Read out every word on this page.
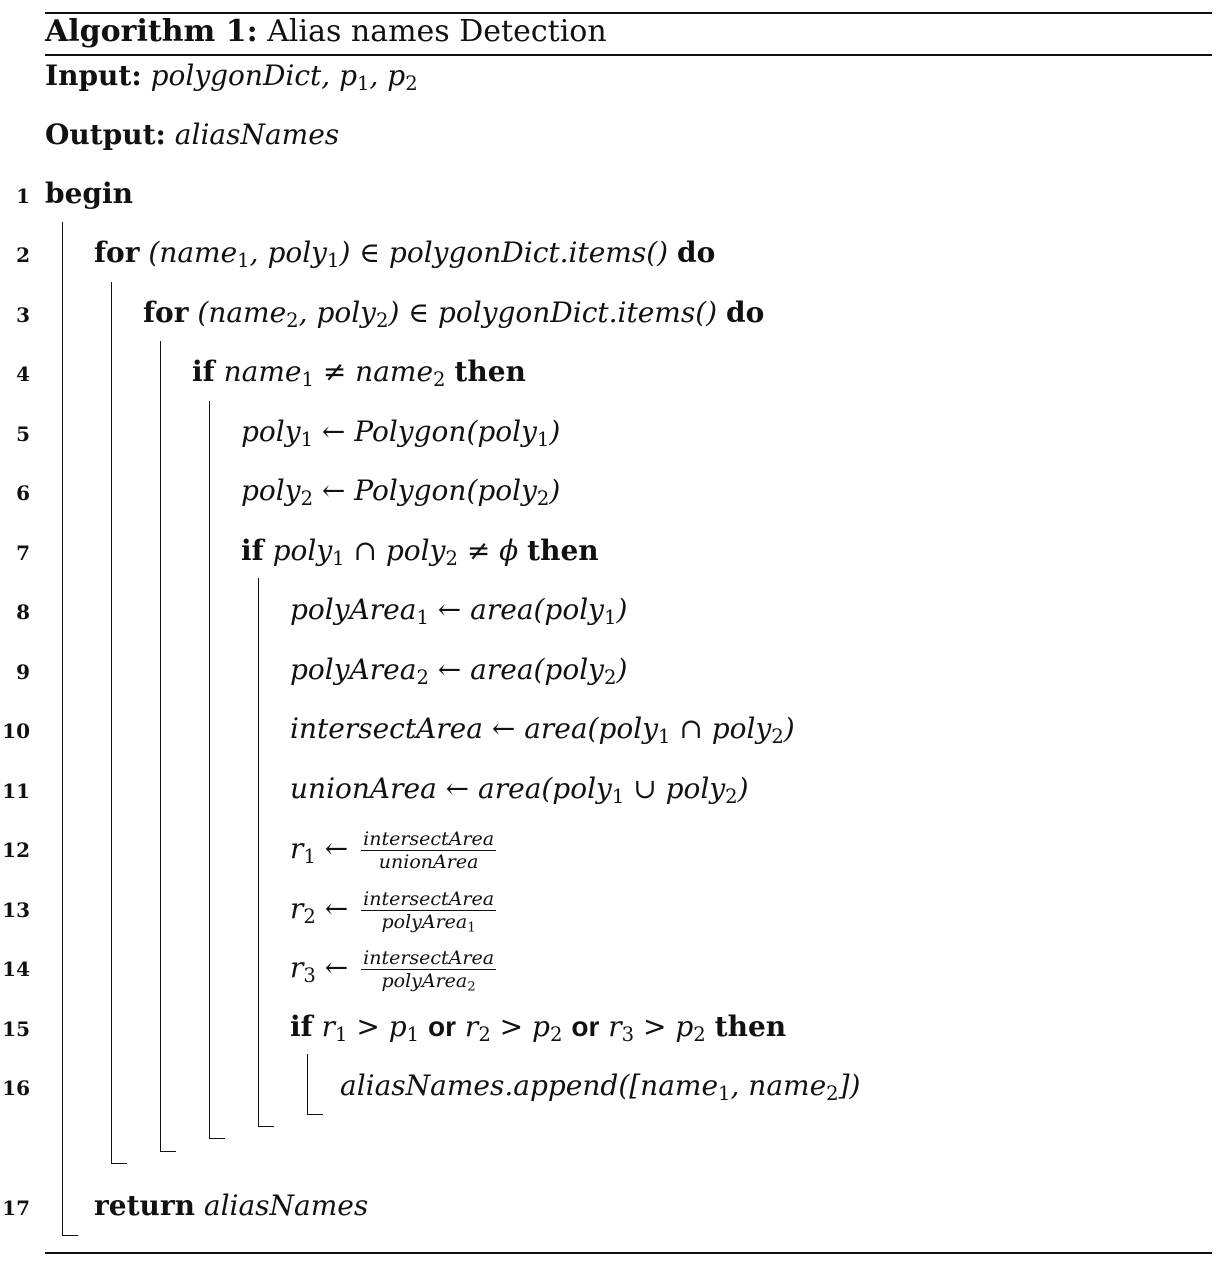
Algorithm 1: Alias names Detection
Input: polygonDict, $p_1$, $p_2$
Output: aliasNames
1
2
3
4
5
6
7
8
9
10
11
12
13
14
15
16
17
begin
for (name$_1$, poly$_1$) ∈ polygonDict.items() do
for (name$_2$, poly$_2$) ∈ polygonDict.items() do
if name$_1$ ≠ name$_2$ then
poly$_1$ ← Polygon(poly$_1$)
poly$_2$ ← Polygon(poly$_2$)
if poly$_1$ ∩ poly$_2$ ≠ ϕ then
polyArea$_1$ ← area(poly$_1$)
polyArea$_2$ ← area(poly$_2$)
intersectArea ← area(poly$_1$ ∩ poly$_2$)
unionArea ← area(poly$_1$ ∪ poly$_2$)
$r_1$ ← $\frac{\text{intersectArea}}{\text{unionArea}}$
$r_2$ ← $\frac{\text{intersectArea}}{polyArea_1}$
$r_3$ ← $\frac{\text{intersectArea}}{polyArea_2}$
if $r_1 > p_1$ or $r_2 > p_2$ or $r_3 > p_2$ then
aliasNames.append([name$_1$, name$_2$])
return aliasNames
